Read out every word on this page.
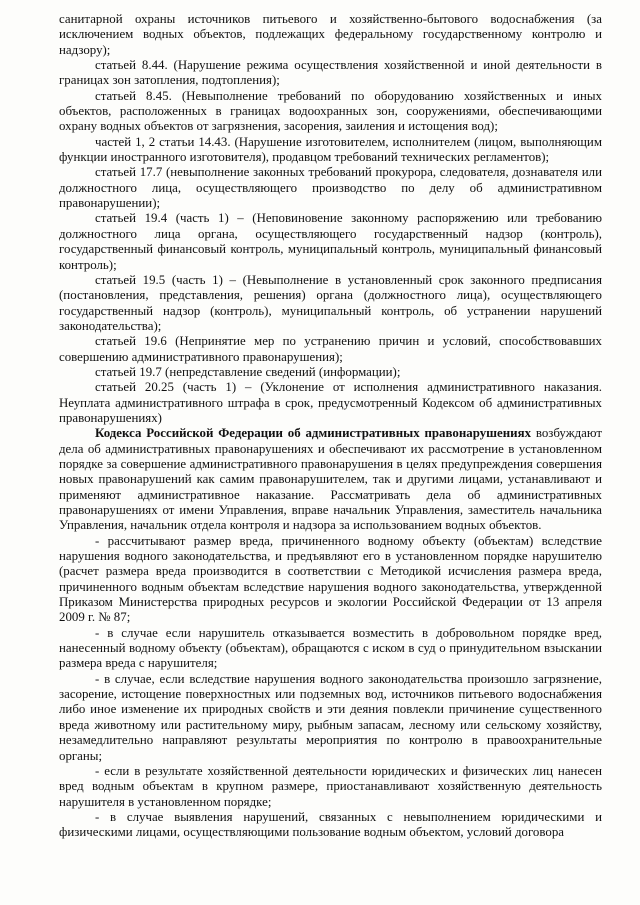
санитарной охраны источников питьевого и хозяйственно-бытового водоснабжения (за исключением водных объектов, подлежащих федеральному государственному контролю и надзору);

статьей 8.44. (Нарушение режима осуществления хозяйственной и иной деятельности в границах зон затопления, подтопления);

статьей 8.45. (Невыполнение требований по оборудованию хозяйственных и иных объектов, расположенных в границах водоохранных зон, сооружениями, обеспечивающими охрану водных объектов от загрязнения, засорения, заиления и истощения вод);

частей 1, 2 статьи 14.43. (Нарушение изготовителем, исполнителем (лицом, выполняющим функции иностранного изготовителя), продавцом требований технических регламентов);

статьей 17.7 (невыполнение законных требований прокурора, следователя, дознавателя или должностного лица, осуществляющего производство по делу об административном правонарушении);

статьей 19.4 (часть 1) – (Неповиновение законному распоряжению или требованию должностного лица органа, осуществляющего государственный надзор (контроль), государственный финансовый контроль, муниципальный контроль, муниципальный финансовый контроль);

статьей 19.5 (часть 1) – (Невыполнение в установленный срок законного предписания (постановления, представления, решения) органа (должностного лица), осуществляющего государственный надзор (контроль), муниципальный контроль, об устранении нарушений законодательства);

статьей 19.6 (Непринятие мер по устранению причин и условий, способствовавших совершению административного правонарушения);

статьей 19.7 (непредставление сведений (информации);

статьей 20.25 (часть 1) – (Уклонение от исполнения административного наказания. Неуплата административного штрафа в срок, предусмотренный Кодексом об административных правонарушениях)

Кодекса Российской Федерации об административных правонарушениях возбуждают дела об административных правонарушениях и обеспечивают их рассмотрение в установленном порядке за совершение административного правонарушения в целях предупреждения совершения новых правонарушений как самим правонарушителем, так и другими лицами, устанавливают и применяют административное наказание. Рассматривать дела об административных правонарушениях от имени Управления, вправе начальник Управления, заместитель начальника Управления, начальник отдела контроля и надзора за использованием водных объектов.

- рассчитывают размер вреда, причиненного водному объекту (объектам) вследствие нарушения водного законодательства, и предъявляют его в установленном порядке нарушителю (расчет размера вреда производится в соответствии с Методикой исчисления размера вреда, причиненного водным объектам вследствие нарушения водного законодательства, утвержденной Приказом Министерства природных ресурсов и экологии Российской Федерации от 13 апреля 2009 г. № 87;

- в случае если нарушитель отказывается возместить в добровольном порядке вред, нанесенный водному объекту (объектам), обращаются с иском в суд о принудительном взыскании размера вреда с нарушителя;

- в случае, если вследствие нарушения водного законодательства произошло загрязнение, засорение, истощение поверхностных или подземных вод, источников питьевого водоснабжения либо иное изменение их природных свойств и эти деяния повлекли причинение существенного вреда животному или растительному миру, рыбным запасам, лесному или сельскому хозяйству, незамедлительно направляют результаты мероприятия по контролю в правоохранительные органы;

- если в результате хозяйственной деятельности юридических и физических лиц нанесен вред водным объектам в крупном размере, приостанавливают хозяйственную деятельность нарушителя в установленном порядке;

- в случае выявления нарушений, связанных с невыполнением юридическими и физическими лицами, осуществляющими пользование водным объектом, условий договора
